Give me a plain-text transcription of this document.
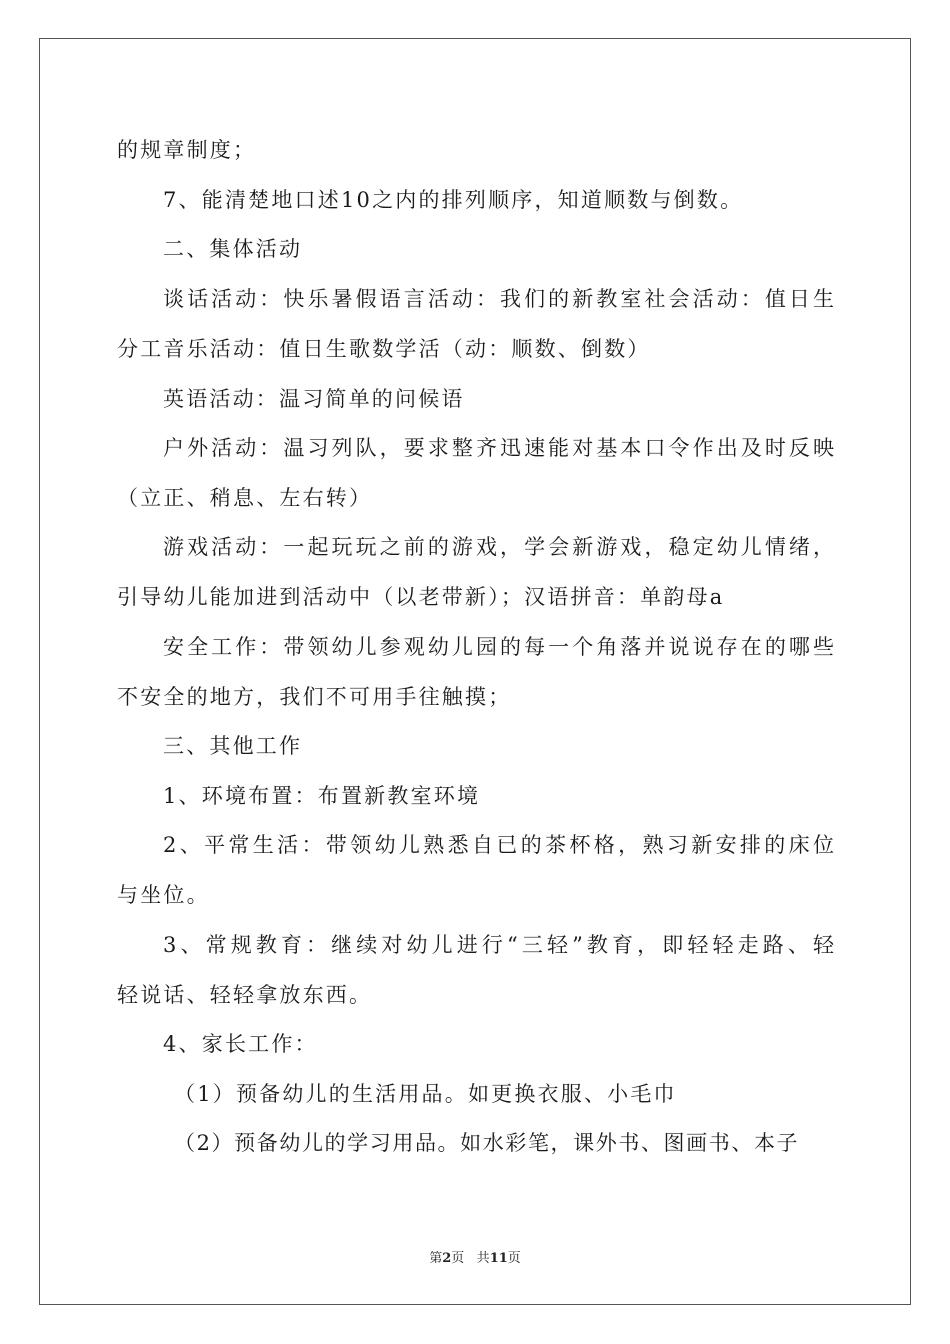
的规章制度；
7、能清楚地口述10之内的排列顺序，知道顺数与倒数。
二、集体活动
谈话活动：快乐暑假语言活动：我们的新教室社会活动：值日生
分工音乐活动：值日生歌数学活（动：顺数、倒数）
英语活动：温习简单的问候语
户外活动：温习列队，要求整齐迅速能对基本口令作出及时反映
（立正、稍息、左右转）
游戏活动：一起玩玩之前的游戏，学会新游戏，稳定幼儿情绪，
引导幼儿能加进到活动中（以老带新）；汉语拼音：单韵母a
安全工作：带领幼儿参观幼儿园的每一个角落并说说存在的哪些
不安全的地方，我们不可用手往触摸；
三、其他工作
1、环境布置：布置新教室环境
2、平常生活：带领幼儿熟悉自已的茶杯格，熟习新安排的床位
与坐位。
3、常规教育：继续对幼儿进行“三轻”教育，即轻轻走路、轻
轻说话、轻轻拿放东西。
4、家长工作：
（1）预备幼儿的生活用品。如更换衣服、小毛巾
（2）预备幼儿的学习用品。如水彩笔，课外书、图画书、本子
第2页 共11页
